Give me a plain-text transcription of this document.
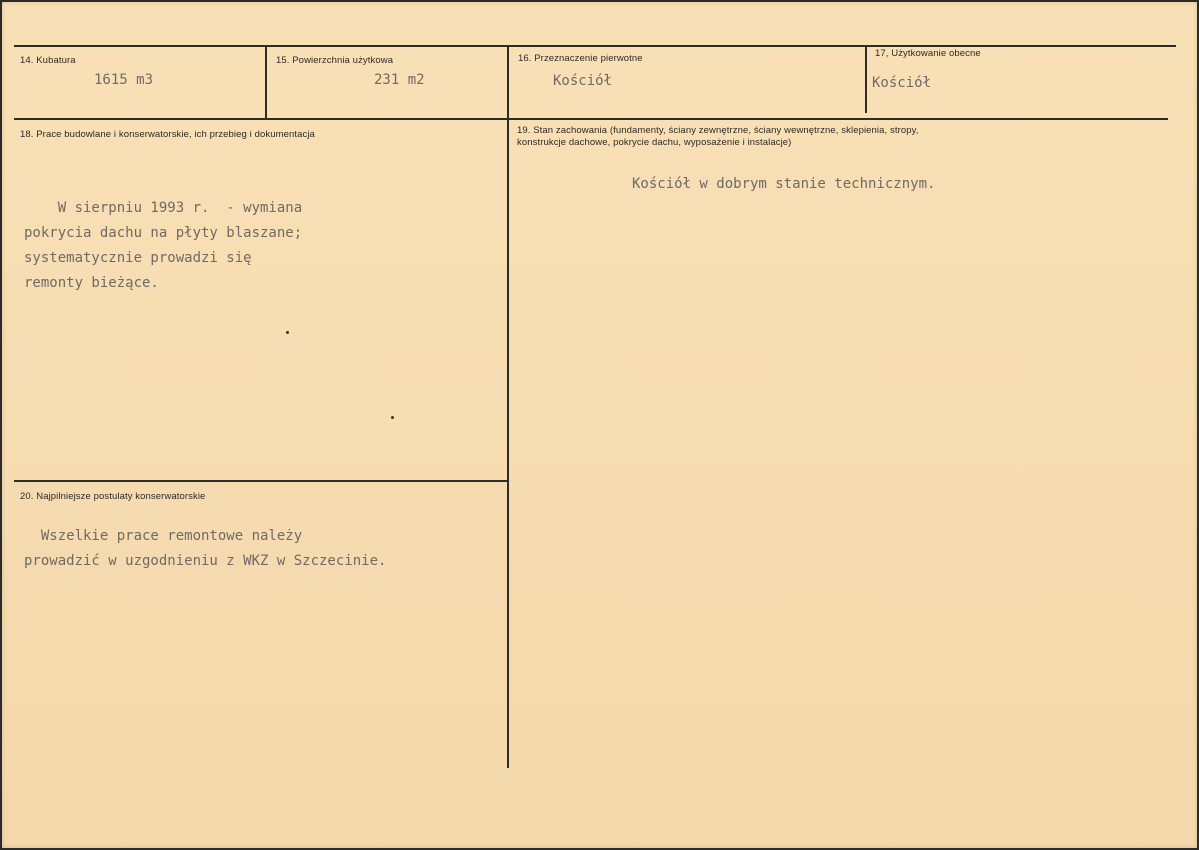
14. Kubatura
1615 m3
15. Powierzchnia użytkowa
231 m2
16. Przeznaczenie pierwotne
Kościół
17, Użytkowanie obecne
Kościół
18. Prace budowlane i konserwatorskie, ich przebieg i dokumentacja
W sierpniu 1993 r.  - wymiana
pokrycia dachu na płyty blaszane;
systematycznie prowadzi się
remonty bieżące.
19. Stan zachowania (fundamenty, ściany zewnętrzne, ściany wewnętrzne, sklepienia, stropy,
konstrukcje dachowe, pokrycie dachu, wyposażenie i instalacje)
Kościół w dobrym stanie technicznym.
20. Najpilniejsze postulaty konserwatorskie
Wszelkie prace remontowe należy
prowadzić w uzgodnieniu z WKZ w Szczecinie.
